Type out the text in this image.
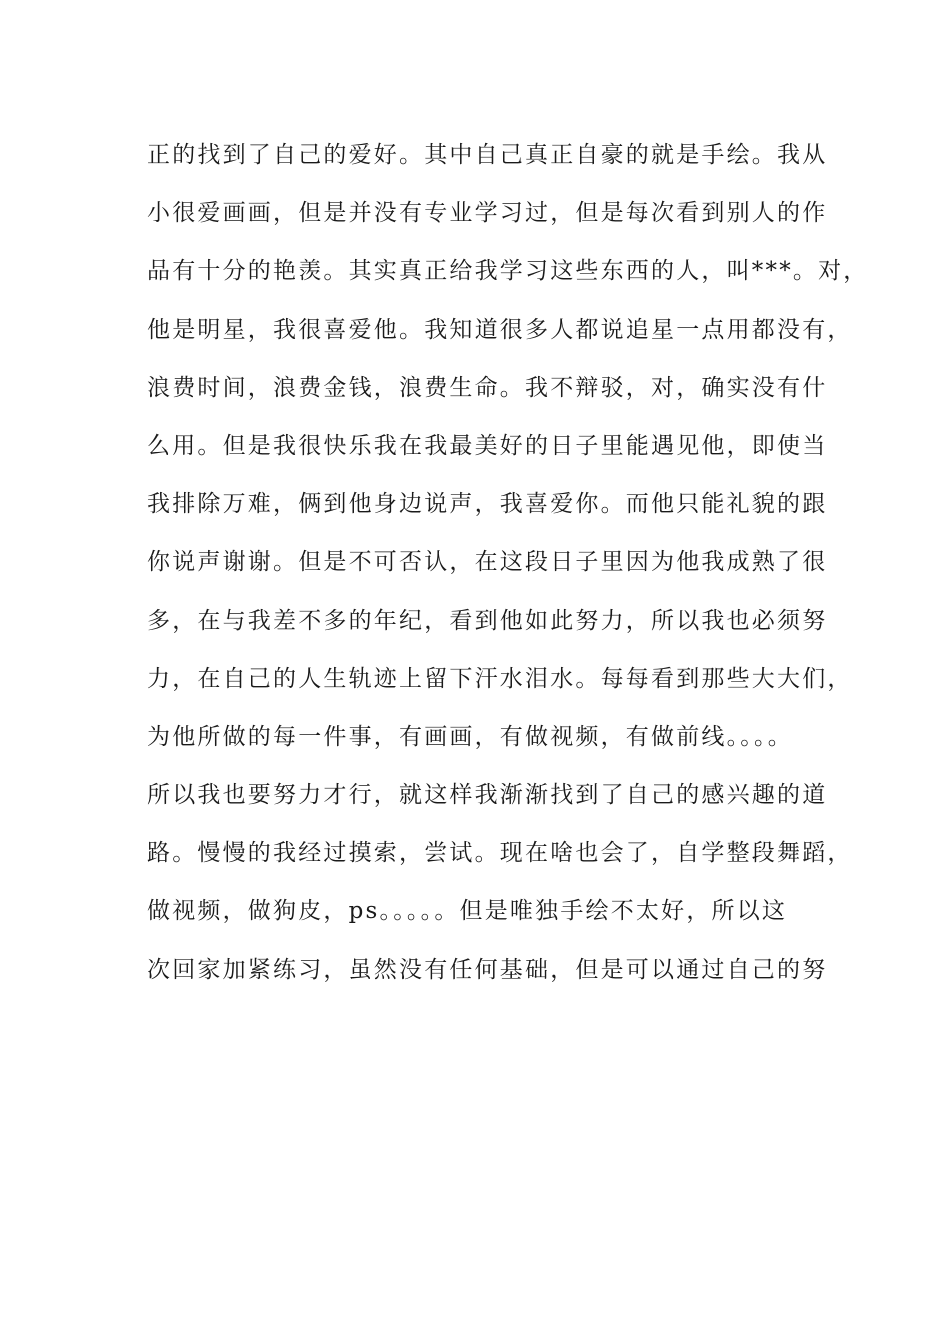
正的找到了自己的爱好。其中自己真正自豪的就是手绘。我从

小很爱画画，但是并没有专业学习过，但是每次看到别人的作

品有十分的艳羡。其实真正给我学习这些东西的人，叫***。对，

他是明星，我很喜爱他。我知道很多人都说追星一点用都没有，

浪费时间，浪费金钱，浪费生命。我不辩驳，对，确实没有什

么用。但是我很快乐我在我最美好的日子里能遇见他，即使当

我排除万难，俩到他身边说声，我喜爱你。而他只能礼貌的跟

你说声谢谢。但是不可否认，在这段日子里因为他我成熟了很

多，在与我差不多的年纪，看到他如此努力，所以我也必须努

力，在自己的人生轨迹上留下汗水泪水。每每看到那些大大们，

为他所做的每一件事，有画画，有做视频，有做前线。。。。

所以我也要努力才行，就这样我渐渐找到了自己的感兴趣的道

路。慢慢的我经过摸索，尝试。现在啥也会了，自学整段舞蹈，

做视频，做狗皮，ps。。。。。但是唯独手绘不太好，所以这

次回家加紧练习，虽然没有任何基础，但是可以通过自己的努
